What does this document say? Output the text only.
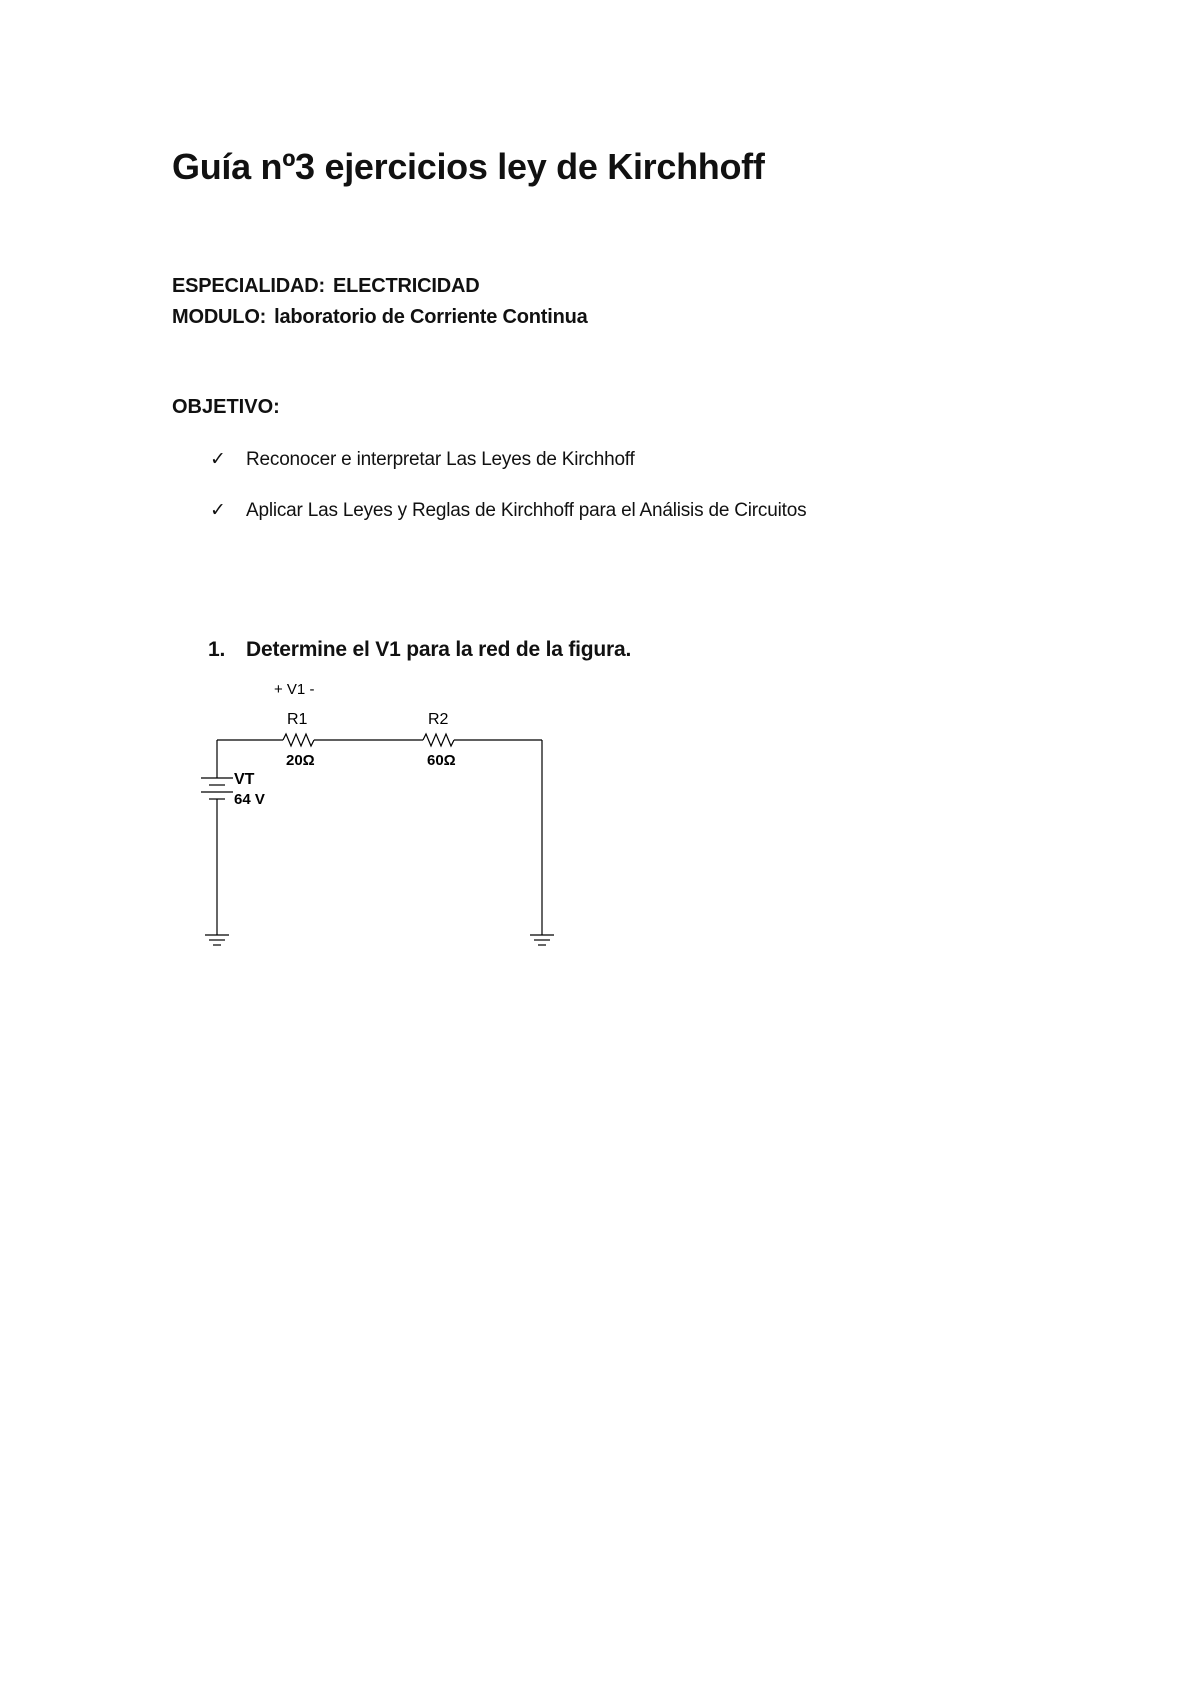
Guía nº3 ejercicios ley de Kirchhoff
ESPECIALIDAD: ELECTRICIDAD
MODULO: laboratorio de Corriente Continua
OBJETIVO:
✓ Reconocer e interpretar Las Leyes de Kirchhoff
✓ Aplicar Las Leyes y Reglas de Kirchhoff para el Análisis de Circuitos
1. Determine el V1 para la red de la figura.
+ V1 -
R1
20Ω
R2
60Ω
VT
64 V
